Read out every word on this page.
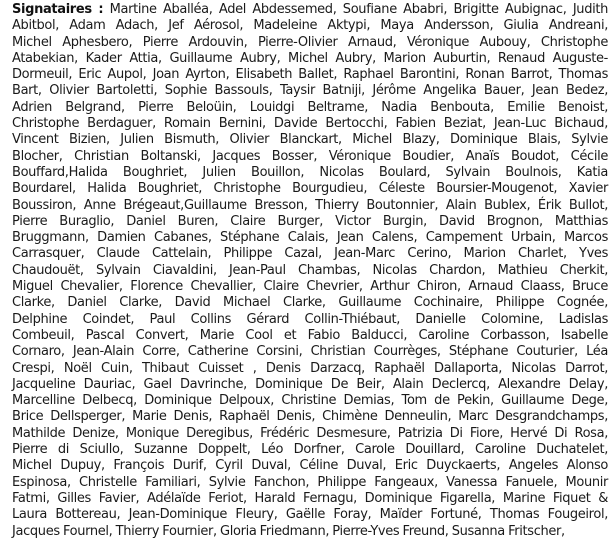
Signataires : Martine Aballéa, Adel Abdessemed, Soufiane Ababri, Brigitte Aubignac, Judith
Abitbol, Adam Adach, Jef Aérosol, Madeleine Aktypi, Maya Andersson, Giulia Andreani,
Michel Aphesbero, Pierre Ardouvin, Pierre-Olivier Arnaud, Véronique Aubouy, Christophe
Atabekian, Kader Attia, Guillaume Aubry, Michel Aubry, Marion Auburtin, Renaud Auguste-
Dormeuil, Eric Aupol, Joan Ayrton, Elisabeth Ballet, Raphael Barontini, Ronan Barrot, Thomas
Bart, Olivier Bartoletti, Sophie Bassouls, Taysir Batniji, Jérôme Angelika Bauer, Jean Bedez,
Adrien Belgrand, Pierre Beloüin, Louidgi Beltrame, Nadia Benbouta, Emilie Benoist,
Christophe Berdaguer, Romain Bernini, Davide Bertocchi, Fabien Beziat, Jean-Luc Bichaud,
Vincent Bizien, Julien Bismuth, Olivier Blanckart, Michel Blazy, Dominique Blais, Sylvie
Blocher, Christian Boltanski, Jacques Bosser, Véronique Boudier, Anaïs Boudot, Cécile
Bouffard,Halida Boughriet, Julien Bouillon, Nicolas Boulard, Sylvain Boulnois, Katia
Bourdarel, Halida Boughriet, Christophe Bourgudieu, Céleste Boursier-Mougenot, Xavier
Boussiron, Anne Brégeaut,Guillaume Bresson, Thierry Boutonnier, Alain Bublex, Érik Bullot,
Pierre Buraglio, Daniel Buren, Claire Burger, Victor Burgin, David Brognon, Matthias
Bruggmann, Damien Cabanes, Stéphane Calais, Jean Calens, Campement Urbain, Marcos
Carrasquer, Claude Cattelain, Philippe Cazal, Jean-Marc Cerino, Marion Charlet, Yves
Chaudouët, Sylvain Ciavaldini, Jean-Paul Chambas, Nicolas Chardon, Mathieu Cherkit,
Miguel Chevalier, Florence Chevallier, Claire Chevrier, Arthur Chiron, Arnaud Claass, Bruce
Clarke, Daniel Clarke, David Michael Clarke, Guillaume Cochinaire, Philippe Cognée,
Delphine Coindet, Paul Collins Gérard Collin-Thiébaut, Danielle Colomine, Ladislas
Combeuil, Pascal Convert, Marie Cool et Fabio Balducci, Caroline Corbasson, Isabelle
Cornaro, Jean-Alain Corre, Catherine Corsini, Christian Courrèges, Stéphane Couturier, Léa
Crespi, Noël Cuin, Thibaut Cuisset , Denis Darzacq, Raphaël Dallaporta, Nicolas Darrot,
Jacqueline Dauriac, Gael Davrinche, Dominique De Beir, Alain Declercq, Alexandre Delay,
Marcelline Delbecq, Dominique Delpoux, Christine Demias, Tom de Pekin, Guillaume Dege,
Brice Dellsperger, Marie Denis, Raphaël Denis, Chimène Denneulin, Marc Desgrandchamps,
Mathilde Denize, Monique Deregibus, Frédéric Desmesure, Patrizia Di Fiore, Hervé Di Rosa,
Pierre di Sciullo, Suzanne Doppelt, Léo Dorfner, Carole Douillard, Caroline Duchatelet,
Michel Dupuy, François Durif, Cyril Duval, Céline Duval, Eric Duyckaerts, Angeles Alonso
Espinosa, Christelle Familiari, Sylvie Fanchon, Philippe Fangeaux, Vanessa Fanuele, Mounir
Fatmi, Gilles Favier, Adélaïde Feriot, Harald Fernagu, Dominique Figarella, Marine Fiquet &
Laura Bottereau, Jean-Dominique Fleury, Gaëlle Foray, Maïder Fortuné, Thomas Fougeirol,
Jacques Fournel, Thierry Fournier, Gloria Friedmann, Pierre-Yves Freund, Susanna Fritscher,
